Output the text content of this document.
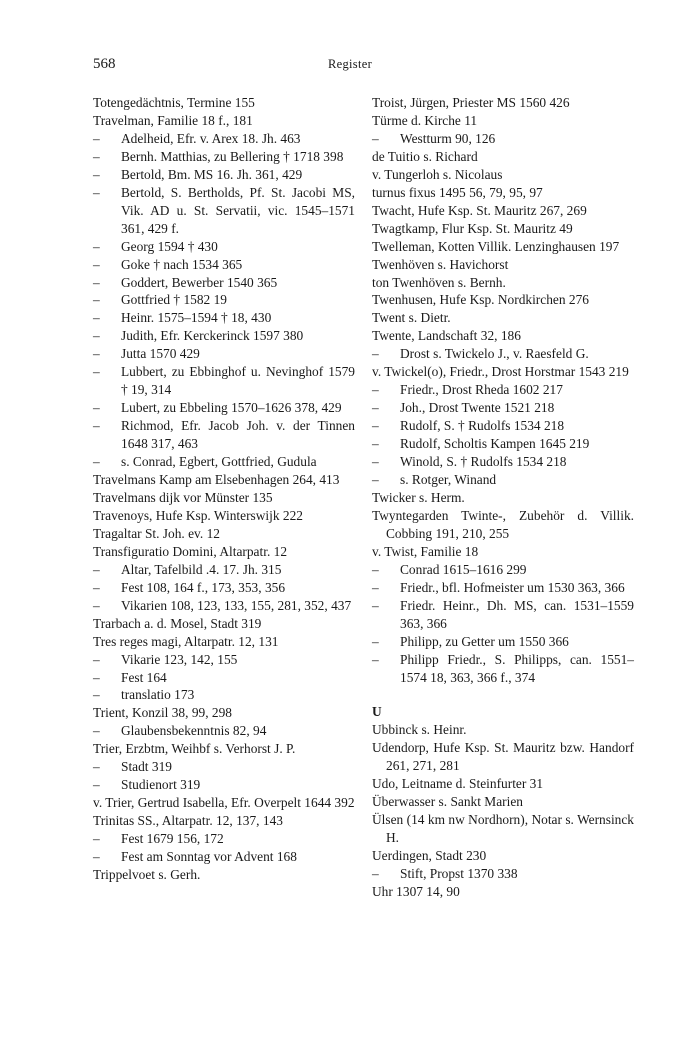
568	Register
Totengedächtnis, Termine 155
Travelman, Familie 18 f., 181
– Adelheid, Efr. v. Arex 18. Jh. 463
– Bernh. Matthias, zu Bellering † 1718 398
– Bertold, Bm. MS 16. Jh. 361, 429
– Bertold, S. Bertholds, Pf. St. Jacobi MS, Vik. AD u. St. Servatii, vic. 1545–1571 361, 429 f.
– Georg 1594 † 430
– Goke † nach 1534 365
– Goddert, Bewerber 1540 365
– Gottfried † 1582 19
– Heinr. 1575–1594 † 18, 430
– Judith, Efr. Kerckerinck 1597 380
– Jutta 1570 429
– Lubbert, zu Ebbinghof u. Nevinghof 1579 † 19, 314
– Lubert, zu Ebbeling 1570–1626 378, 429
– Richmod, Efr. Jacob Joh. v. der Tinnen 1648 317, 463
– s. Conrad, Egbert, Gottfried, Gudula
Travelmans Kamp am Elsebenhagen 264, 413
Travelmans dijk vor Münster 135
Travenoys, Hufe Ksp. Winterswijk 222
Tragaltar St. Joh. ev. 12
Transfiguratio Domini, Altarpatr. 12
– Altar, Tafelbild .4. 17. Jh. 315
– Fest 108, 164 f., 173, 353, 356
– Vikarien 108, 123, 133, 155, 281, 352, 437
Trarbach a. d. Mosel, Stadt 319
Tres reges magi, Altarpatr. 12, 131
– Vikarie 123, 142, 155
– Fest 164
– translatio 173
Trient, Konzil 38, 99, 298
– Glaubensbekenntnis 82, 94
Trier, Erzbtm, Weihbf s. Verhorst J. P.
– Stadt 319
– Studienort 319
v. Trier, Gertrud Isabella, Efr. Overpelt 1644 392
Trinitas SS., Altarpatr. 12, 137, 143
– Fest 1679 156, 172
– Fest am Sonntag vor Advent 168
Trippelvoet s. Gerh.
Troist, Jürgen, Priester MS 1560 426
Türme d. Kirche 11
– Westturm 90, 126
de Tuitio s. Richard
v. Tungerloh s. Nicolaus
turnus fixus 1495 56, 79, 95, 97
Twacht, Hufe Ksp. St. Mauritz 267, 269
Twagtkamp, Flur Ksp. St. Mauritz 49
Twelleman, Kotten Villik. Lenzinghausen 197
Twenhöven s. Havichorst
ton Twenhöven s. Bernh.
Twenhusen, Hufe Ksp. Nordkirchen 276
Twent s. Dietr.
Twente, Landschaft 32, 186
– Drost s. Twickelo J., v. Raesfeld G.
v. Twickel(o), Friedr., Drost Horstmar 1543 219
– Friedr., Drost Rheda 1602 217
– Joh., Drost Twente 1521 218
– Rudolf, S. † Rudolfs 1534 218
– Rudolf, Scholtis Kampen 1645 219
– Winold, S. † Rudolfs 1534 218
– s. Rotger, Winand
Twicker s. Herm.
Twyntegarden Twinte-, Zubehör d. Villik. Cobbing 191, 210, 255
v. Twist, Familie 18
– Conrad 1615–1616 299
– Friedr., bfl. Hofmeister um 1530 363, 366
– Friedr. Heinr., Dh. MS, can. 1531–1559 363, 366
– Philipp, zu Getter um 1550 366
– Philipp Friedr., S. Philipps, can. 1551–1574 18, 363, 366 f., 374
U
Ubbinck s. Heinr.
Udendorp, Hufe Ksp. St. Mauritz bzw. Handorf 261, 271, 281
Udo, Leitname d. Steinfurter 31
Überwasser s. Sankt Marien
Ülsen (14 km nw Nordhorn), Notar s. Wernsinck H.
Uerdingen, Stadt 230
– Stift, Propst 1370 338
Uhr 1307 14, 90
